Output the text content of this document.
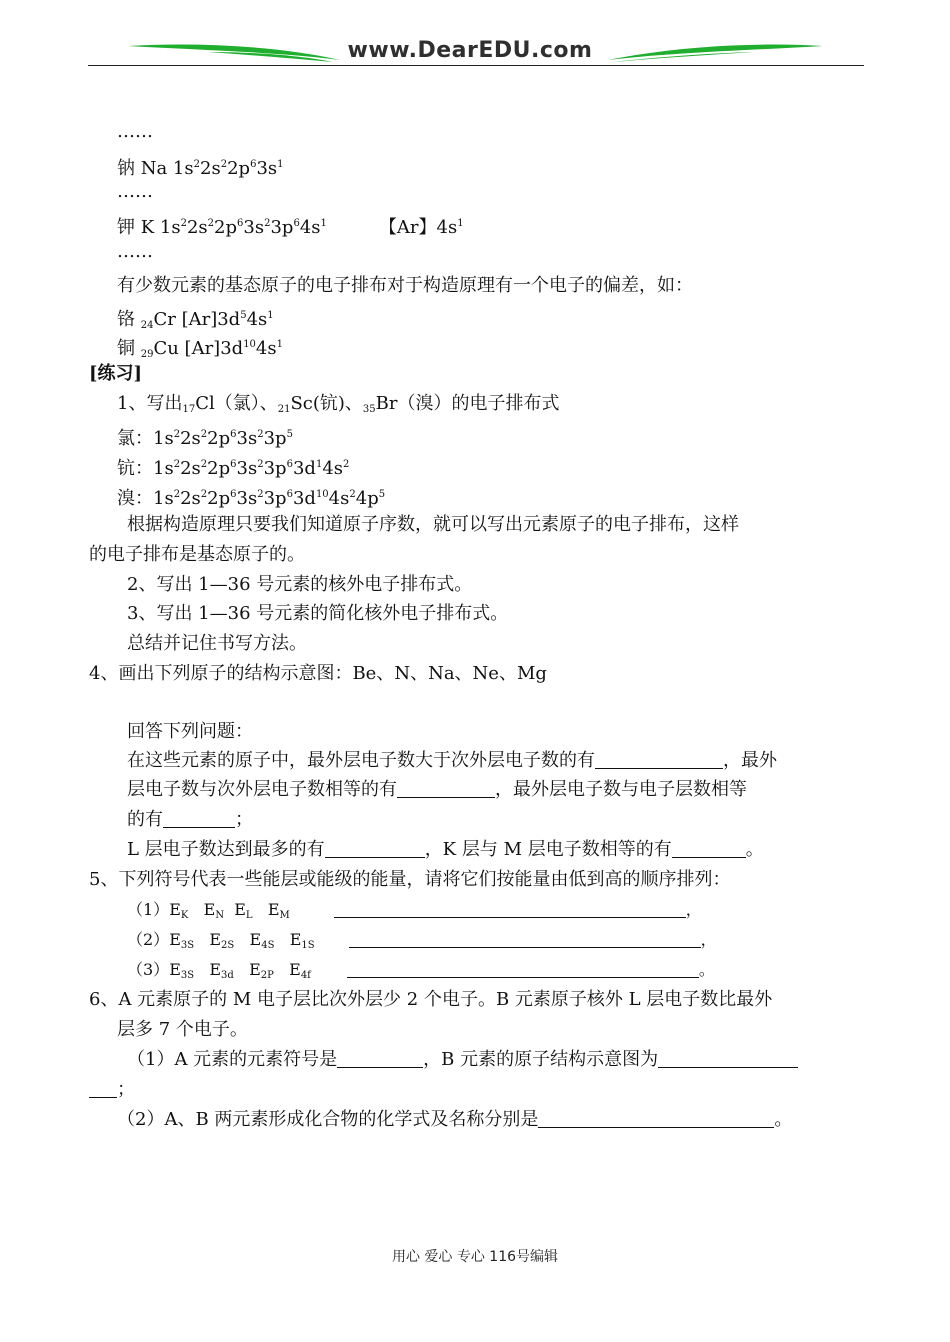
www.DearEDU.com
……
钠 Na $1s^22s^22p^63s^1$
……
钾 K $1s^22s^22p^63s^23p^64s^1$	【Ar】$4s^1$
……
有少数元素的基态原子的电子排布对于构造原理有一个电子的偏差，如：
铬 $_{24}$Cr $[Ar]3d^54s^1$
铜 $_{29}$Cu $[Ar]3d^{10}4s^1$
[练习]
1、写出$_{17}$Cl（氯）、$_{21}$Sc(钪)、$_{35}$Br（溴）的电子排布式
氯：$1s^22s^22p^63s^23p^5$
钪：$1s^22s^22p^63s^23p^63d^14s^2$
溴：$1s^22s^22p^63s^23p^63d^{10}4s^24p^5$
根据构造原理只要我们知道原子序数，就可以写出元素原子的电子排布，这样
的电子排布是基态原子的。
2、写出 1—36 号元素的核外电子排布式。
3、写出 1—36 号元素的简化核外电子排布式。
总结并记住书写方法。
4、画出下列原子的结构示意图：Be、N、Na、Ne、Mg
回答下列问题：
在这些元素的原子中，最外层电子数大于次外层电子数的有	，最外
层电子数与次外层电子数相等的有	，最外层电子数与电子层数相等
的有	；
L 层电子数达到最多的有	，K 层与 M 层电子数相等的有	。
5、下列符号代表一些能层或能级的能量，请将它们按能量由低到高的顺序排列：
$(1)E_K$ $E_N$ $E_L$ $E_M$	，
$(2)E_{3S}$ $E_{2S}$ $E_{4S}$ $E_{1S}$	，
$(3)E_{3S}$ $E_{3d}$ $E_{2P}$ $E_{4f}$	。
6、A 元素原子的 M 电子层比次外层少 2 个电子。B 元素原子核外 L 层电子数比最外
层多 7 个电子。
（1）A 元素的元素符号是	，B 元素的原子结构示意图为
；
（2）A、B 两元素形成化合物的化学式及名称分别是	。
用心 爱心 专心 116号编辑
